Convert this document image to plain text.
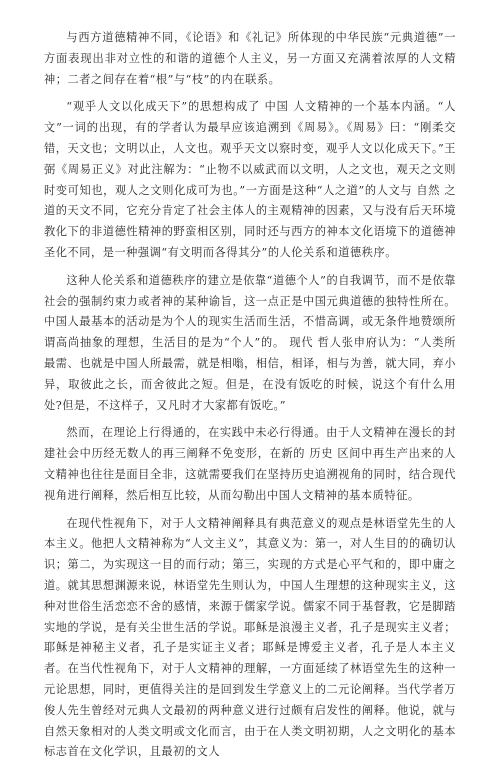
与西方道德精神不同，《论语》和《礼记》所体现的中华民族“元典道德”一方面表现出非对立性的和谐的道德个人主义，另一方面又充满着浓厚的人文精神；二者之间存在着“根”与“枝”的内在联系。

“观乎人文以化成天下”的思想构成了 中国 人文精神的一个基本内涵。“人文”一词的出现，有的学者认为最早应该追溯到《周易》。《周易》曰：“刚柔交错，天文也；文明以止，人文也。观乎天文以察时变，观乎人文以化成天下。”王弼《周易正义》对此注解为：“止物不以威武而以文明，人之文也，观天之文则时变可知也，观人之文则化成可为也。”一方面是这种“人之道”的人文与 自然 之道的天文不同，它充分肯定了社会主体人的主观精神的因素，又与没有后天环境教化下的非道德性精神的野蛮相区别，同时还与西方的神本文化语境下的道德神圣化不同，是一种强调“有文明而各得其分”的人伦关系和道德秩序。

这种人伦关系和道德秩序的建立是依靠“道德个人”的自我调节，而不是依靠社会的强制约束力或者神的某种谕旨，这一点正是中国元典道德的独特性所在。中国人最基本的活动是为个人的现实生活而生活，不惜高调，或无条件地赞颂所谓高尚抽象的理想，生活目的是为“个人”的。 现代 哲人张申府认为：“人类所最需、也就是中国人所最需，就是相嗡，相信，相译，相与为善，就大同，弃小异，取彼此之长，而舍彼此之短。但是，在没有饭吃的时候，说这个有什么用处?但是，不这样子，又凡时才大家都有饭吃。”

然而，在理论上行得通的，在实践中未必行得通。由于人文精神在漫长的封建社会中历经无数人的再三阐释不免变形，在新的 历史 区间中再生产出来的人文精神也往往是面目全非，这就需要我们在坚持历史追溯视角的同时，结合现代视角进行阐释，然后相互比较，从而勾勒出中国人文精神的基本质特征。

在现代性视角下，对于人文精神阐释具有典范意义的观点是林语堂先生的人本主义。他把人文精神称为“人文主义”，其意义为：第一，对人生目的的确切认识；第二，为实现这一目的而行动；第三，实现的方式是心平气和的，即中庸之道。就其思想渊源来说，林语堂先生则认为，中国人生理想的这种现实主义，这种对世俗生活恋恋不舍的感情，来源于儒家学说。儒家不同于基督教，它是脚踏实地的学说，是有关尘世生活的学说。耶稣是浪漫主义者，孔子是现实主义者；耶稣是神秘主义者，孔子是实证主义者；耶稣是博爱主义者，孔子是人本主义者。在当代性视角下，对于人文精神的理解，一方面延续了林语堂先生的这种一元论思想，同时，更值得关注的是回到发生学意义上的二元论阐释。当代学者万俊人先生曾经对元典人文最初的两种意义进行过颇有启发性的阐释。他说，就与自然天象相对的人类文明或文化而言，由于在人类文明初期，人之文明化的基本标志首在文化学识，且最初的文人
